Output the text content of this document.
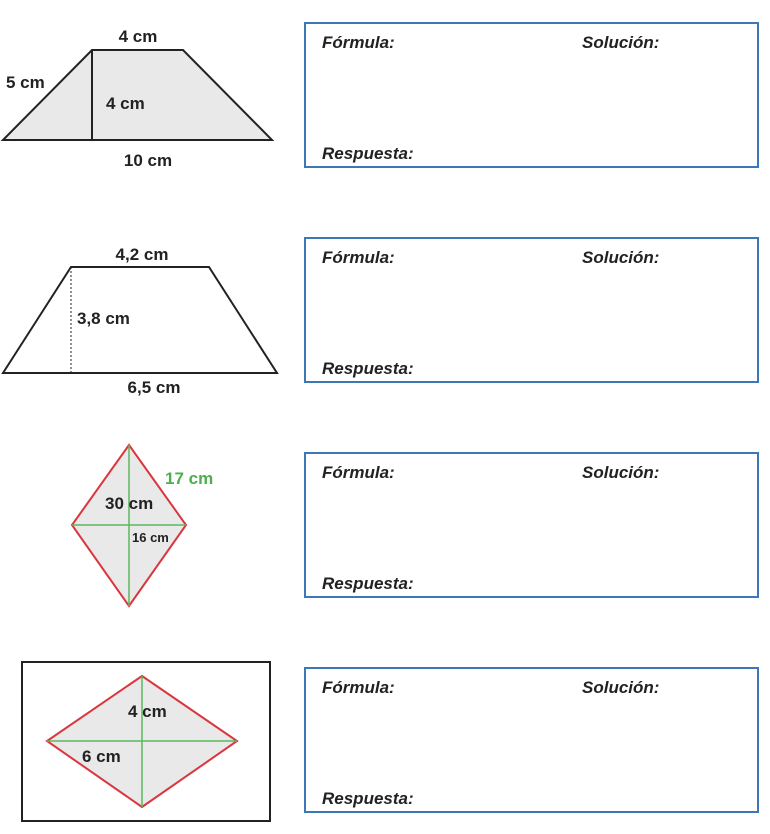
4 cm
5 cm
4 cm
10 cm
4,2 cm
3,8 cm
6,5 cm
17 cm
30 cm
16 cm
4 cm
6 cm
Fórmula:	Solución:
Respuesta:
Fórmula:	Solución:
Respuesta:
Fórmula:	Solución:
Respuesta:
Fórmula:	Solución:
Respuesta:
